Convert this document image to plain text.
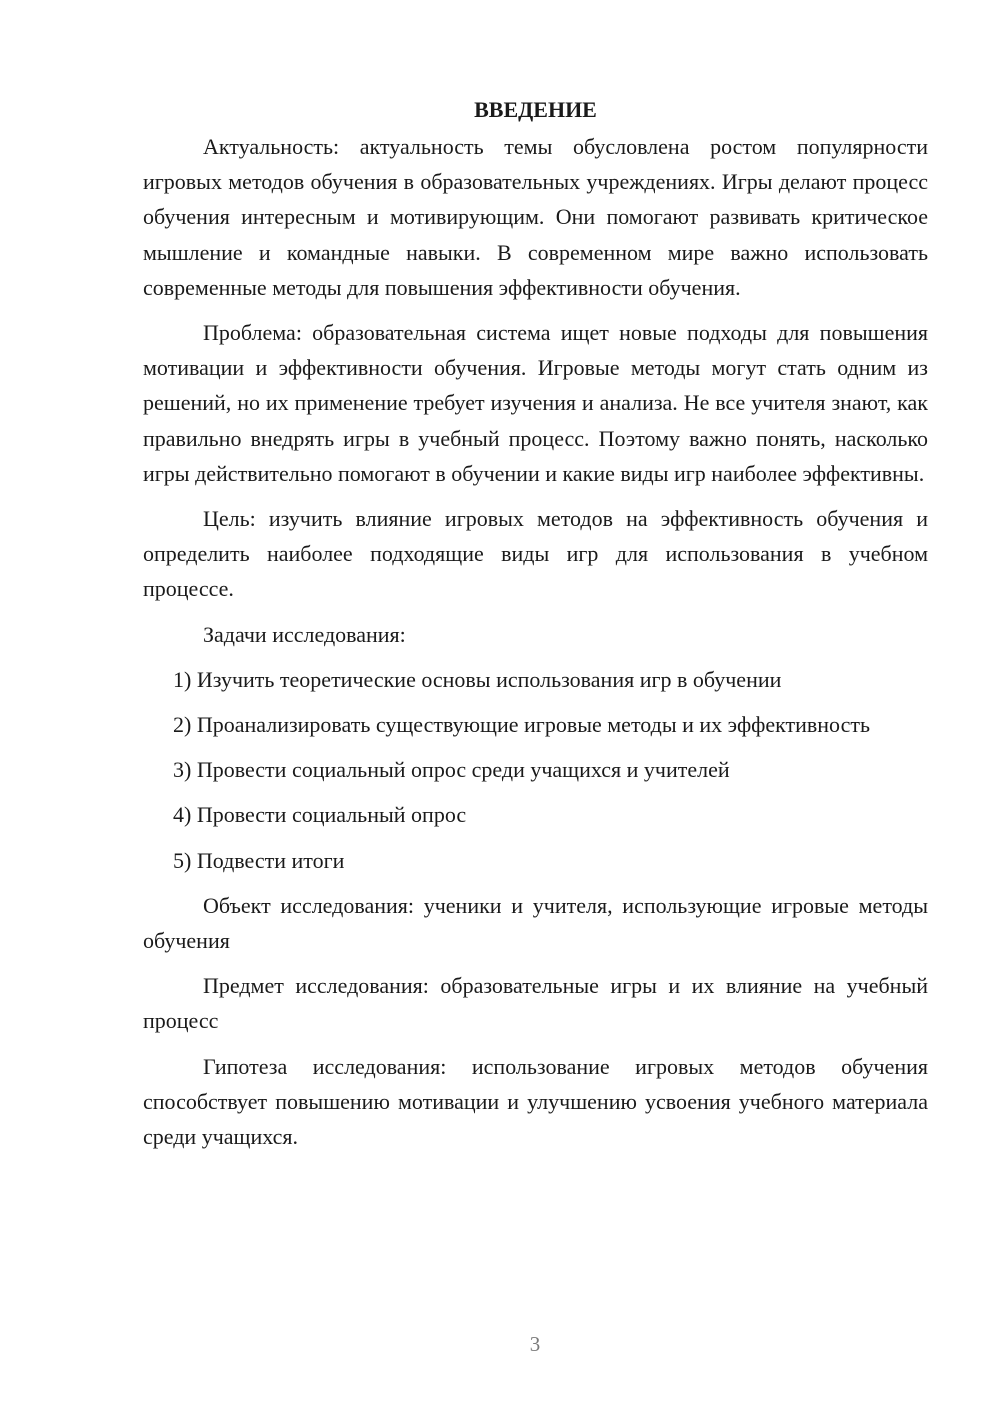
ВВЕДЕНИЕ

Актуальность: актуальность темы обусловлена ростом популярности игровых методов обучения в образовательных учреждениях. Игры делают процесс обучения интересным и мотивирующим. Они помогают развивать критическое мышление и командные навыки. В современном мире важно использовать современные методы для повышения эффективности обучения.

Проблема: образовательная система ищет новые подходы для повышения мотивации и эффективности обучения. Игровые методы могут стать одним из решений, но их применение требует изучения и анализа. Не все учителя знают, как правильно внедрять игры в учебный процесс. Поэтому важно понять, насколько игры действительно помогают в обучении и какие виды игр наиболее эффективны.

Цель: изучить влияние игровых методов на эффективность обучения и определить наиболее подходящие виды игр для использования в учебном процессе.

Задачи исследования:

1) Изучить теоретические основы использования игр в обучении

2) Проанализировать существующие игровые методы и их эффективность

3) Провести социальный опрос среди учащихся и учителей

4) Провести социальный опрос

5) Подвести итоги

Объект исследования: ученики и учителя, использующие игровые методы обучения

Предмет исследования: образовательные игры и их влияние на учебный процесс

Гипотеза исследования: использование игровых методов обучения способствует повышению мотивации и улучшению усвоения учебного материала среди учащихся.

3
